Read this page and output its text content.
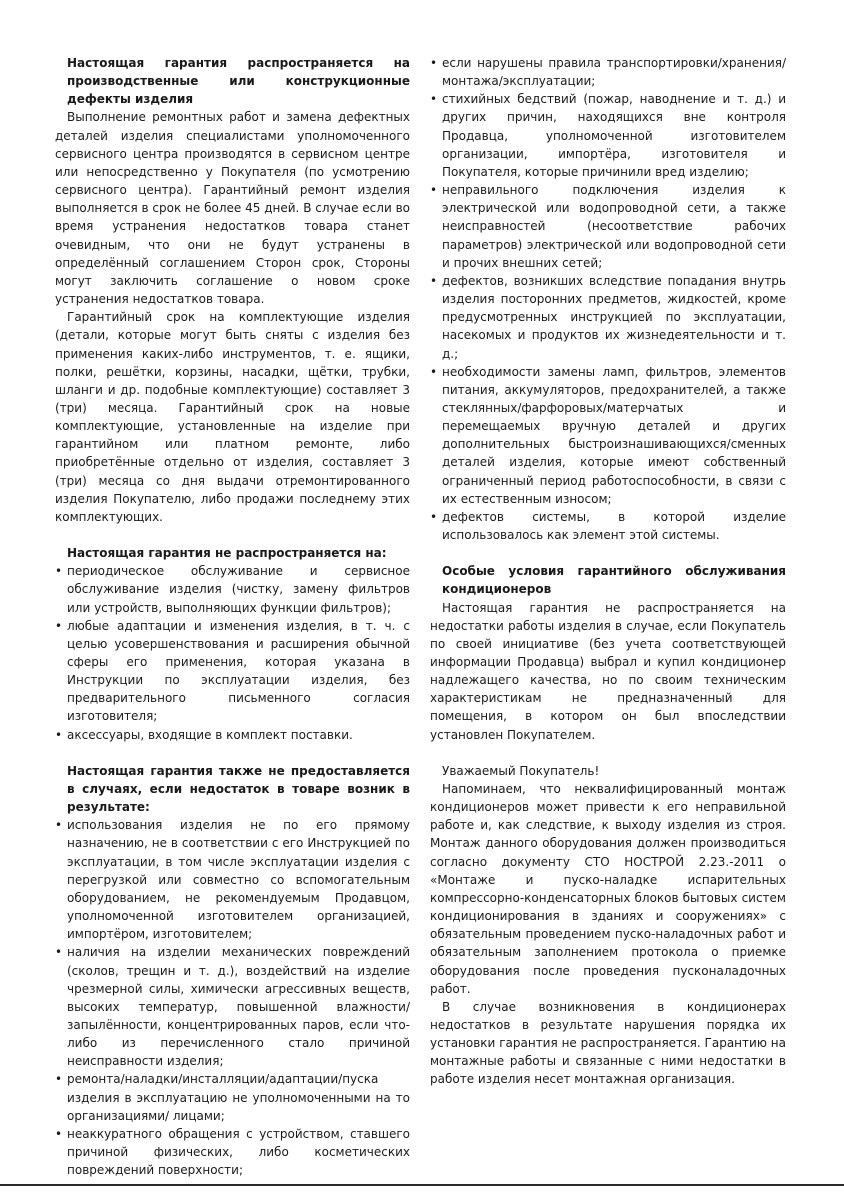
Настоящая гарантия распространяется на производственные или конструкционные дефекты изделия

Выполнение ремонтных работ и замена дефектных деталей изделия специалистами уполномоченного сервисного центра производятся в сервисном центре или непосредственно у Покупателя (по усмотрению сервисного центра). Гарантийный ремонт изделия выполняется в срок не более 45 дней. В случае если во время устранения недостатков товара станет очевидным, что они не будут устранены в определённый соглашением Сторон срок, Стороны могут заключить соглашение о новом сроке устранения недостатков товара.

Гарантийный срок на комплектующие изделия (детали, которые могут быть сняты с изделия без применения каких-либо инструментов, т. е. ящики, полки, решётки, корзины, насадки, щётки, трубки, шланги и др. подобные комплектующие) составляет 3 (три) месяца. Гарантийный срок на новые комплектующие, установленные на изделие при гарантийном или платном ремонте, либо приобретённые отдельно от изделия, составляет 3 (три) месяца со дня выдачи отремонтированного изделия Покупателю, либо продажи последнему этих комплектующих.

Настоящая гарантия не распространяется на:

• периодическое обслуживание и сервисное обслуживание изделия (чистку, замену фильтров или устройств, выполняющих функции фильтров);
• любые адаптации и изменения изделия, в т. ч. с целью усовершенствования и расширения обычной сферы его применения, которая указана в Инструкции по эксплуатации изделия, без предварительного письменного согласия изготовителя;
• аксессуары, входящие в комплект поставки.

Настоящая гарантия также не предоставляется в случаях, если недостаток в товаре возник в результате:

• использования изделия не по его прямому назначению, не в соответствии с его Инструкцией по эксплуатации, в том числе эксплуатации изделия с перегрузкой или совместно со вспомогательным оборудованием, не рекомендуемым Продавцом, уполномоченной изготовителем организацией, импортёром, изготовителем;
• наличия на изделии механических повреждений (сколов, трещин и т. д.), воздействий на изделие чрезмерной силы, химически агрессивных веществ, высоких температур, повышенной влажности/запылённости, концентрированных паров, если что-либо из перечисленного стало причиной неисправности изделия;
• ремонта/наладки/инсталляции/адаптации/пуска изделия в эксплуатацию не уполномоченными на то организациями/ лицами;
• неаккуратного обращения с устройством, ставшего причиной физических, либо косметических повреждений поверхности;
• если нарушены правила транспортировки/хранения/монтажа/эксплуатации;
• стихийных бедствий (пожар, наводнение и т. д.) и других причин, находящихся вне контроля Продавца, уполномоченной изготовителем организации, импортёра, изготовителя и Покупателя, которые причинили вред изделию;
• неправильного подключения изделия к электрической или водопроводной сети, а также неисправностей (несоответствие рабочих параметров) электрической или водопроводной сети и прочих внешних сетей;
• дефектов, возникших вследствие попадания внутрь изделия посторонних предметов, жидкостей, кроме предусмотренных инструкцией по эксплуатации, насекомых и продуктов их жизнедеятельности и т. д.;
• необходимости замены ламп, фильтров, элементов питания, аккумуляторов, предохранителей, а также стеклянных/фарфоровых/матерчатых и перемещаемых вручную деталей и других дополнительных быстроизнашивающихся/сменных деталей изделия, которые имеют собственный ограниченный период работоспособности, в связи с их естественным износом;
• дефектов системы, в которой изделие использовалось как элемент этой системы.

Особые условия гарантийного обслуживания кондиционеров

Настоящая гарантия не распространяется на недостатки работы изделия в случае, если Покупатель по своей инициативе (без учета соответствующей информации Продавца) выбрал и купил кондиционер надлежащего качества, но по своим техническим характеристикам не предназначенный для помещения, в котором он был впоследствии установлен Покупателем.

Уважаемый Покупатель!

Напоминаем, что неквалифицированный монтаж кондиционеров может привести к его неправильной работе и, как следствие, к выходу изделия из строя. Монтаж данного оборудования должен производиться согласно документу СТО НОСТРОЙ 2.23.-2011 о «Монтаже и пуско-наладке испарительных компрессорно-конденсаторных блоков бытовых систем кондиционирования в зданиях и сооружениях» с обязательным проведением пуско-наладочных работ и обязательным заполнением протокола о приемке оборудования после проведения пусконаладочных работ.

В случае возникновения в кондиционерах недостатков в результате нарушения порядка их установки гарантия не распространяется. Гарантию на монтажные работы и связанные с ними недостатки в работе изделия несет монтажная организация.
